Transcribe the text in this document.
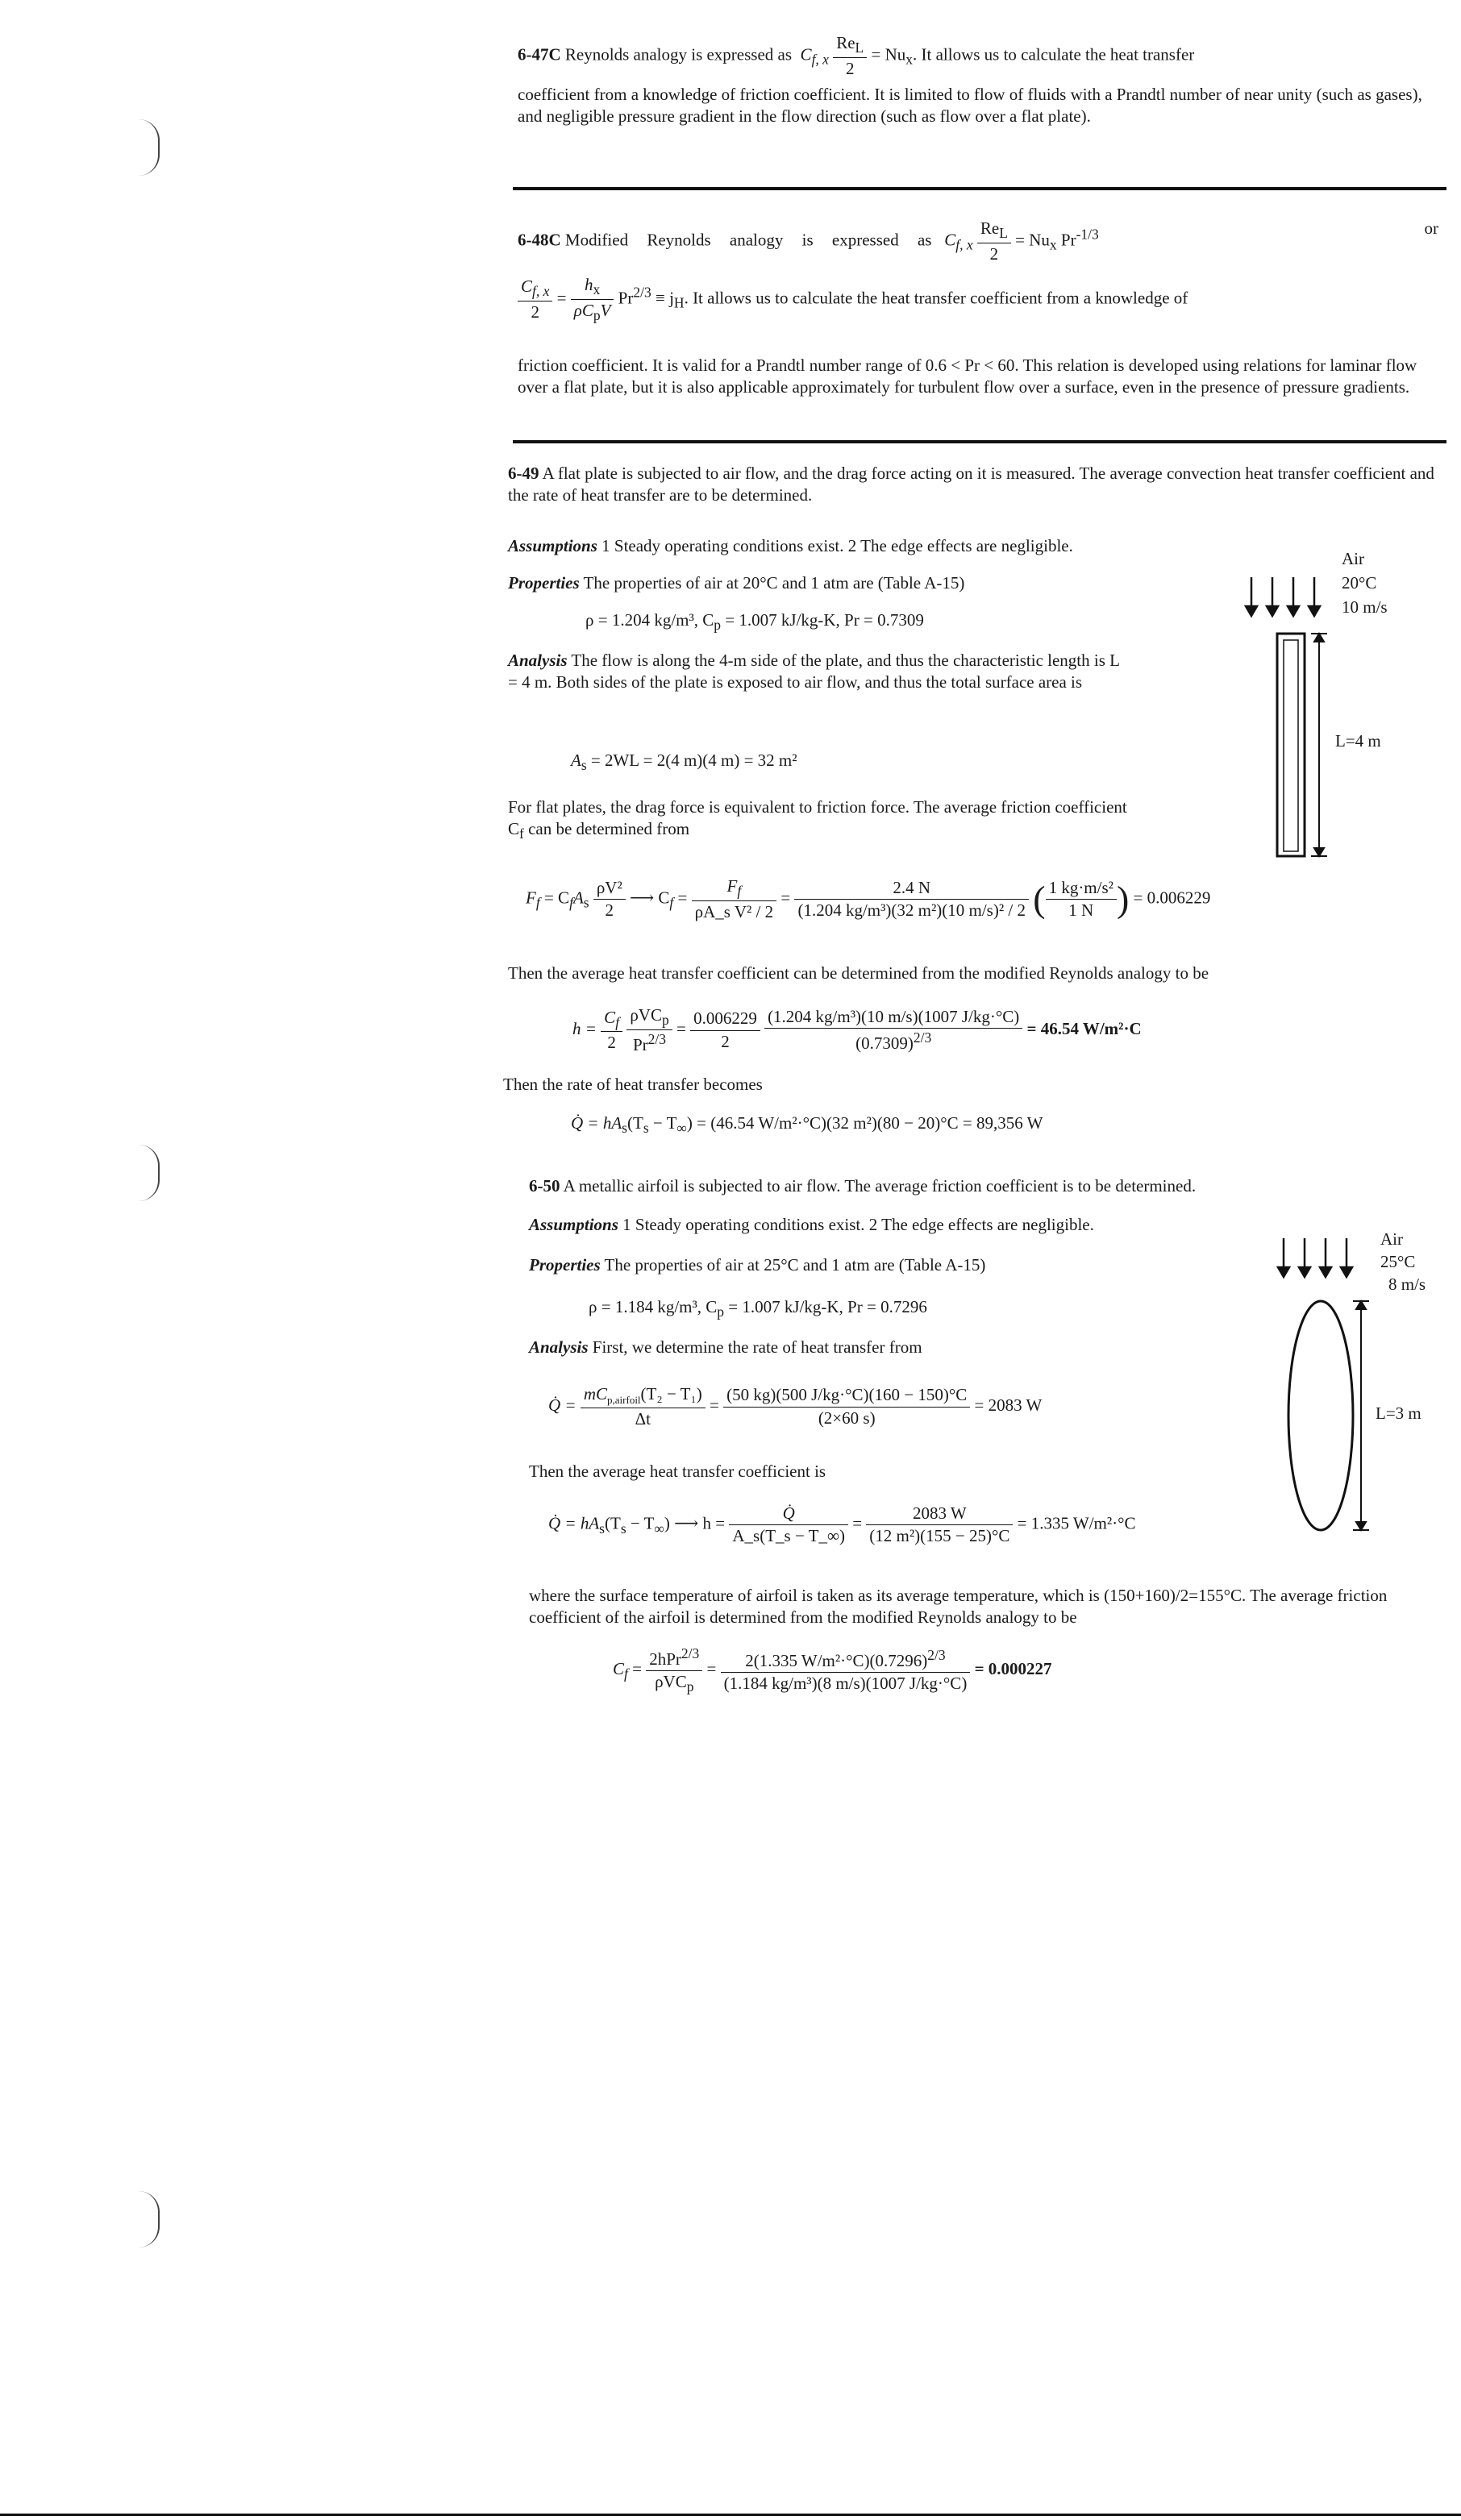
6-47C Reynolds analogy is expressed as $C_{f, x} \frac{Re_L}{2} = Nu_x$. It allows us to calculate the heat transfer

coefficient from a knowledge of friction coefficient. It is limited to flow of fluids with a Prandtl number of near unity (such as gases), and negligible pressure gradient in the flow direction (such as flow over a flat plate).

6-48C Modified Reynolds analogy is expressed as $C_{f, x} \frac{Re_L}{2} = Nu_x$ $Pr^{-1/3}$	or
$\frac{C_{f, x}}{2} = \frac{h_x}{\rho C_pV} Pr^{2/3} \equiv j_H$. It allows us to calculate the heat transfer coefficient from a knowledge of

friction coefficient. It is valid for a Prandtl number range of 0.6 < Pr < 60. This relation is developed using relations for laminar flow over a flat plate, but it is also applicable approximately for turbulent flow over a surface, even in the presence of pressure gradients.

6-49 A flat plate is subjected to air flow, and the drag force acting on it is measured. The average convection heat transfer coefficient and the rate of heat transfer are to be determined.

Assumptions 1 Steady operating conditions exist. 2 The edge effects are negligible.

Properties The properties of air at 20°C and 1 atm are (Table A-15)

ρ = 1.204 kg/m³, $C_p = 1.007$ kJ/kg-K, Pr = 0.7309

Analysis The flow is along the 4-m side of the plate, and thus the characteristic length is L = 4 m. Both sides of the plate is exposed to air flow, and thus the total surface area is

$A_s = 2WL = 2(4$ m)(4 m) = 32 m²

For flat plates, the drag force is equivalent to friction force. The average friction coefficient $C_f$ can be determined from

$F_f = C_fA_s \frac{\text{ρV²}}{2}$ ⟶ $C_f = \frac{F_f}{\text{ρA\_s V² / 2}} = \frac{2.4 N}{\text{(1.204 kg/m³)(32 m²)(10 m/s)² / 2}}$ ( $\frac{\text{1 kg·m/s²}}{1 N}$ ) = 0.006229

Then the average heat transfer coefficient can be determined from the modified Reynolds analogy to be

$h = \frac{C_f}{2}$
$\frac{\rho VC_p}{Pr^{2/3}} = \frac{0.006229}{2}$
$\frac{\text{(1.204 kg/m³)(10 m/s)(1007 J/kg·°C)}}{(0.7309)^{2/3}} = 46.54$ W/m²·C

Then the rate of heat transfer becomes

Q̇ = $hA_s(T_s - T_\infty) = (46.54$ W/m²·°C)(32 m²)(80 − 20)°C = 89,356 W
Air
20°C
10 m/s
L=4 m

6-50 A metallic airfoil is subjected to air flow. The average friction coefficient is to be determined.

Assumptions 1 Steady operating conditions exist. 2 The edge effects are negligible.

Properties The properties of air at 25°C and 1 atm are (Table A-15)

ρ = 1.184 kg/m³, $C_p = 1.007$ kJ/kg-K, Pr = 0.7296

Analysis First, we determine the rate of heat transfer from

Q̇ = $\frac{mC_{p,airfoil}(T_2 - T_1)}{\Delta t} = \frac{(50 kg)(500 J/kg\cdot^\circ C)(160 - 150)^\circ C}{(2\times 60 s)} = 2083$ W

Then the average heat transfer coefficient is

Q̇ = $hA_s(T_s - T_\infty)$ ⟶ $h = \frac{Q̇}{A\_s(T\_s - T\_\infty)} = \frac{2083 W}{\text{(12 m²)(155 − 25)°C}} = 1.335$ W/m²·°C

where the surface temperature of airfoil is taken as its average temperature, which is (150+160)/2=155°C. The average friction coefficient of the airfoil is determined from the modified Reynolds analogy to be

$C_f = \frac{2hPr^{2/3}}{\rho VC_p} = \frac{2(1.335 W/m^2\cdot^\circ C)(0.7296)^{2/3}}{\text{(1.184 kg/m³)(8 m/s)(1007 J/kg·°C)}} = 0.000227$
Air
25°C
8 m/s
L=3 m
